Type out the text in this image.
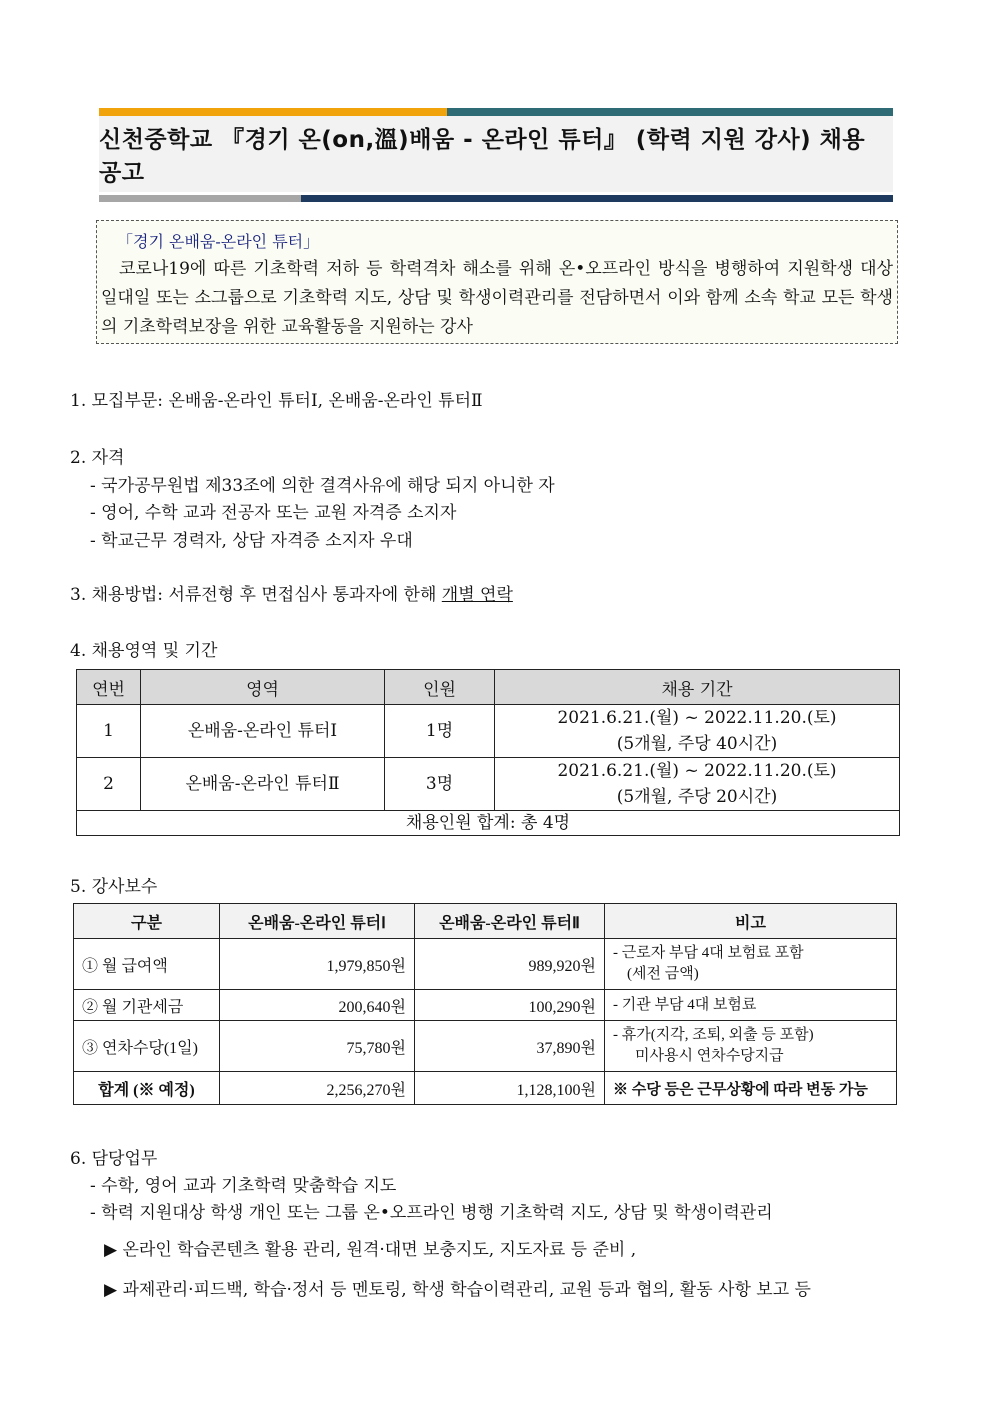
신천중학교 『경기 온(on,溫)배움 - 온라인 튜터』 (학력 지원 강사) 채용 공고
「경기 온배움-온라인 튜터」
코로나19에 따른 기초학력 저하 등 학력격차 해소를 위해 온•오프라인 방식을 병행하여 지원학생 대상 일대일 또는 소그룹으로 기초학력 지도, 상담 및 학생이력관리를 전담하면서 이와 함께 소속 학교 모든 학생의 기초학력보장을 위한 교육활동을 지원하는 강사
1. 모집부문: 온배움-온라인 튜터Ⅰ, 온배움-온라인 튜터Ⅱ
2. 자격
- 국가공무원법 제33조에 의한 결격사유에 해당 되지 아니한 자
- 영어, 수학 교과 전공자 또는 교원 자격증 소지자
- 학교근무 경력자, 상담 자격증 소지자 우대
3. 채용방법: 서류전형 후 면접심사 통과자에 한해 개별 연락
4. 채용영역 및 기간
연번	영역	인원	채용 기간
1	온배움-온라인 튜터Ⅰ	1명	2021.6.21.(월) ~ 2022.11.20.(토)
(5개월, 주당 40시간)

2	온배움-온라인 튜터Ⅱ	3명	2021.6.21.(월) ~ 2022.11.20.(토)
(5개월, 주당 20시간)

채용인원 합계: 총 4명			
5. 강사보수
구분	온배움-온라인 튜터Ⅰ	온배움-온라인 튜터Ⅱ	비고
① 월 급여액	1,979,850원	989,920원	- 근로자 부담 4대 보험료 포함
(세전 금액)

② 월 기관세금	200,640원	100,290원	- 기관 부담 4대 보험료

③ 연차수당(1일)	75,780원	37,890원	- 휴가(지각, 조퇴, 외출 등 포함)
미사용시 연차수당지급

합계 (※ 예정)	2,256,270원	1,128,100원	※ 수당 등은 근무상황에 따라 변동 가능
6. 담당업무
- 수학, 영어 교과 기초학력 맞춤학습 지도
- 학력 지원대상 학생 개인 또는 그룹 온•오프라인 병행 기초학력 지도, 상담 및 학생이력관리
▶ 온라인 학습콘텐츠 활용 관리, 원격·대면 보충지도, 지도자료 등 준비 ,
▶ 과제관리·피드백, 학습·정서 등 멘토링, 학생 학습이력관리, 교원 등과 협의, 활동 사항 보고 등
